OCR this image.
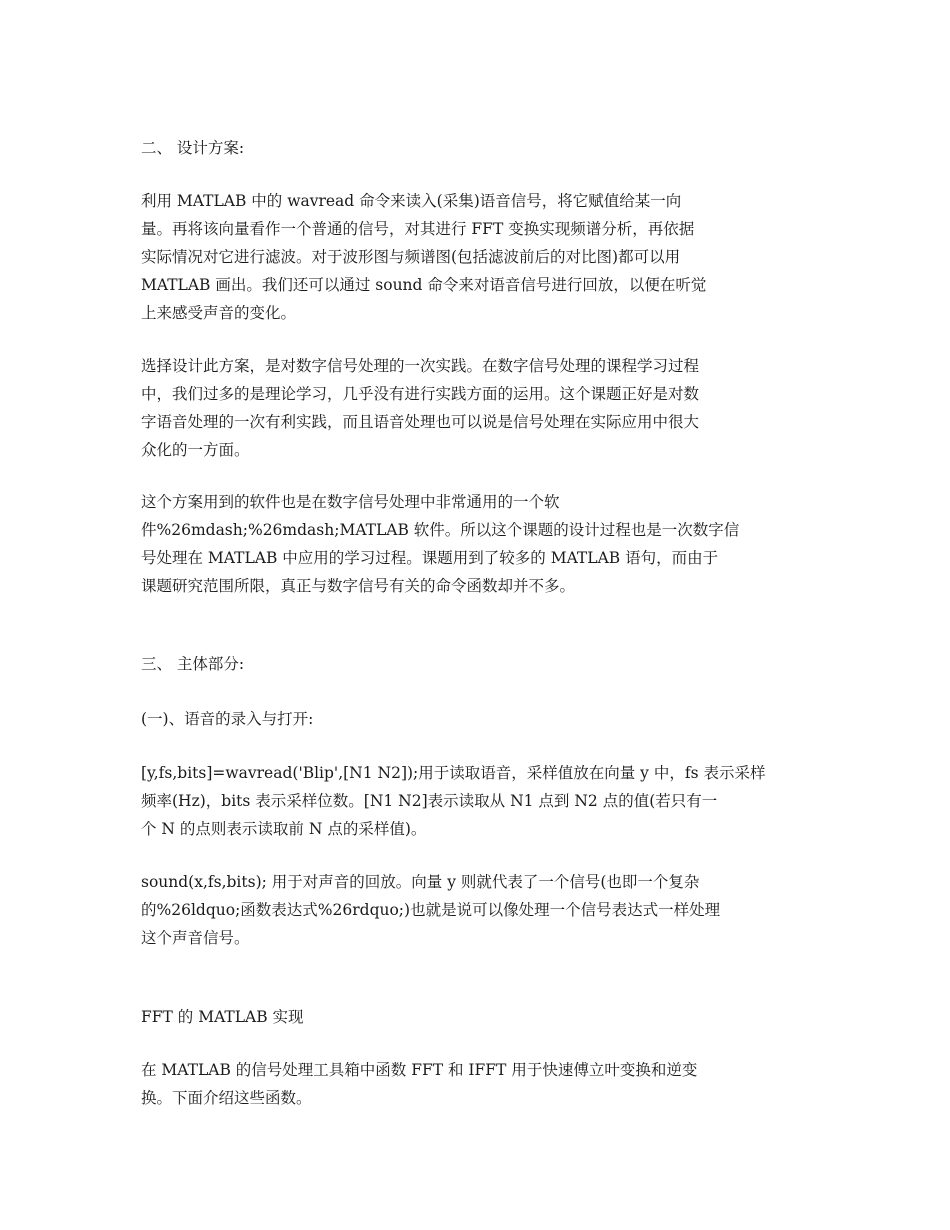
二、 设计方案:
利用 MATLAB 中的 wavread 命令来读入(采集)语音信号，将它赋值给某一向
量。再将该向量看作一个普通的信号，对其进行 FFT 变换实现频谱分析，再依据
实际情况对它进行滤波。对于波形图与频谱图(包括滤波前后的对比图)都可以用
MATLAB 画出。我们还可以通过 sound 命令来对语音信号进行回放，以便在听觉
上来感受声音的变化。
选择设计此方案，是对数字信号处理的一次实践。在数字信号处理的课程学习过程
中，我们过多的是理论学习，几乎没有进行实践方面的运用。这个课题正好是对数
字语音处理的一次有利实践，而且语音处理也可以说是信号处理在实际应用中很大
众化的一方面。
这个方案用到的软件也是在数字信号处理中非常通用的一个软
件%26mdash;%26mdash;MATLAB 软件。所以这个课题的设计过程也是一次数字信
号处理在 MATLAB 中应用的学习过程。课题用到了较多的 MATLAB 语句，而由于
课题研究范围所限，真正与数字信号有关的命令函数却并不多。
三、 主体部分:
(一)、语音的录入与打开:
[y,fs,bits]=wavread('Blip',[N1 N2]);用于读取语音，采样值放在向量 y 中，fs 表示采样
频率(Hz)，bits 表示采样位数。[N1 N2]表示读取从 N1 点到 N2 点的值(若只有一
个 N 的点则表示读取前 N 点的采样值)。
sound(x,fs,bits); 用于对声音的回放。向量 y 则就代表了一个信号(也即一个复杂
的%26ldquo;函数表达式%26rdquo;)也就是说可以像处理一个信号表达式一样处理
这个声音信号。
FFT 的 MATLAB 实现
在 MATLAB 的信号处理工具箱中函数 FFT 和 IFFT 用于快速傅立叶变换和逆变
换。下面介绍这些函数。
